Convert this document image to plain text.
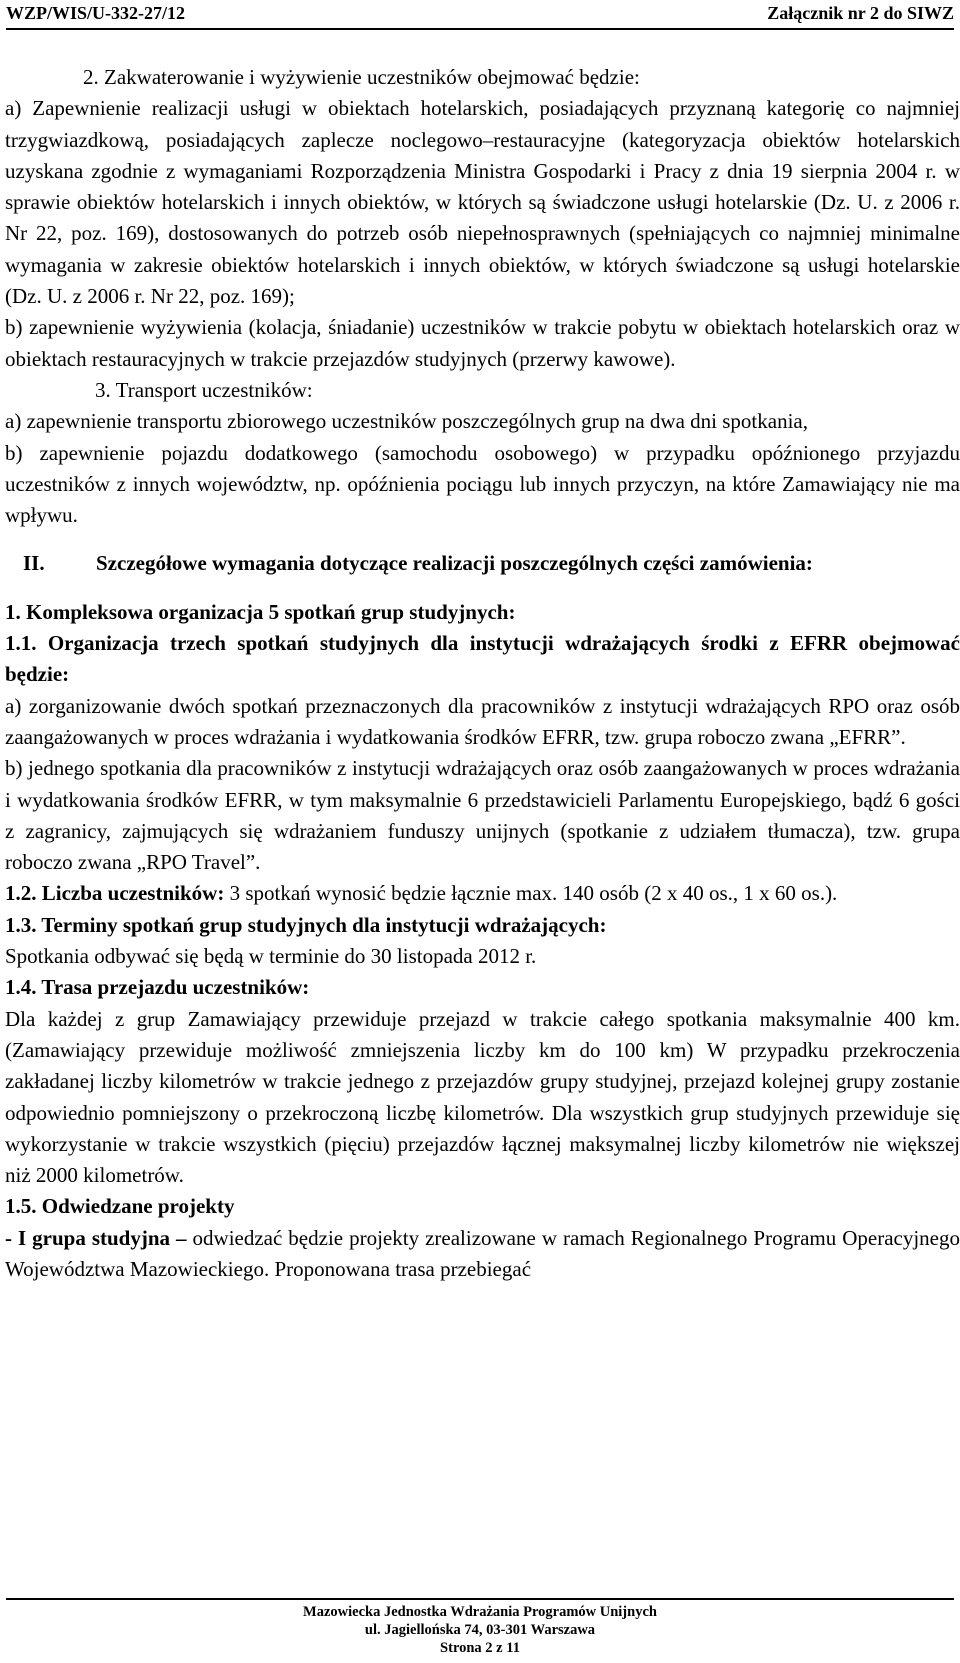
WZP/WIS/U-332-27/12	Załącznik nr 2 do SIWZ

2. Zakwaterowanie i wyżywienie uczestników obejmować będzie:

a) Zapewnienie realizacji usługi w obiektach hotelarskich, posiadających przyznaną kategorię co najmniej trzygwiazdkową, posiadających zaplecze noclegowo–restauracyjne (kategoryzacja obiektów hotelarskich uzyskana zgodnie z wymaganiami Rozporządzenia Ministra Gospodarki i Pracy z dnia 19 sierpnia 2004 r. w sprawie obiektów hotelarskich i innych obiektów, w których są świadczone usługi hotelarskie (Dz. U. z 2006 r. Nr 22, poz. 169), dostosowanych do potrzeb osób niepełnosprawnych (spełniających co najmniej minimalne wymagania w zakresie obiektów hotelarskich i innych obiektów, w których świadczone są usługi hotelarskie (Dz. U. z 2006 r. Nr 22, poz. 169);

b) zapewnienie wyżywienia (kolacja, śniadanie) uczestników w trakcie pobytu w obiektach hotelarskich oraz w obiektach restauracyjnych w trakcie przejazdów studyjnych (przerwy kawowe).

3. Transport uczestników:

a) zapewnienie transportu zbiorowego uczestników poszczególnych grup na dwa dni spotkania,

b) zapewnienie pojazdu dodatkowego (samochodu osobowego) w przypadku opóźnionego przyjazdu uczestników z innych województw, np. opóźnienia pociągu lub innych przyczyn, na które Zamawiający nie ma wpływu.

II. Szczegółowe wymagania dotyczące realizacji poszczególnych części zamówienia:

1. Kompleksowa organizacja 5 spotkań grup studyjnych:

1.1. Organizacja trzech spotkań studyjnych dla instytucji wdrażających środki z EFRR obejmować będzie:

a) zorganizowanie dwóch spotkań przeznaczonych dla pracowników z instytucji wdrażających RPO oraz osób zaangażowanych w proces wdrażania i wydatkowania środków EFRR, tzw. grupa roboczo zwana „EFRR”.

b) jednego spotkania dla pracowników z instytucji wdrażających oraz osób zaangażowanych w proces wdrażania i wydatkowania środków EFRR, w tym maksymalnie 6 przedstawicieli Parlamentu Europejskiego, bądź 6 gości z zagranicy, zajmujących się wdrażaniem funduszy unijnych (spotkanie z udziałem tłumacza), tzw. grupa roboczo zwana „RPO Travel”.

1.2. Liczba uczestników: 3 spotkań wynosić będzie łącznie max. 140 osób (2 x 40 os., 1 x 60 os.).

1.3. Terminy spotkań grup studyjnych dla instytucji wdrażających:

Spotkania odbywać się będą w terminie do 30 listopada 2012 r.

1.4. Trasa przejazdu uczestników:

Dla każdej z grup Zamawiający przewiduje przejazd w trakcie całego spotkania maksymalnie 400 km. (Zamawiający przewiduje możliwość zmniejszenia liczby km do 100 km) W przypadku przekroczenia zakładanej liczby kilometrów w trakcie jednego z przejazdów grupy studyjnej, przejazd kolejnej grupy zostanie odpowiednio pomniejszony o przekroczoną liczbę kilometrów. Dla wszystkich grup studyjnych przewiduje się wykorzystanie w trakcie wszystkich (pięciu) przejazdów łącznej maksymalnej liczby kilometrów nie większej niż 2000 kilometrów.

1.5. Odwiedzane projekty

- I grupa studyjna – odwiedzać będzie projekty zrealizowane w ramach Regionalnego Programu Operacyjnego Województwa Mazowieckiego. Proponowana trasa przebiegać

Mazowiecka Jednostka Wdrażania Programów Unijnych
ul. Jagiellońska 74, 03-301 Warszawa
Strona 2 z 11
